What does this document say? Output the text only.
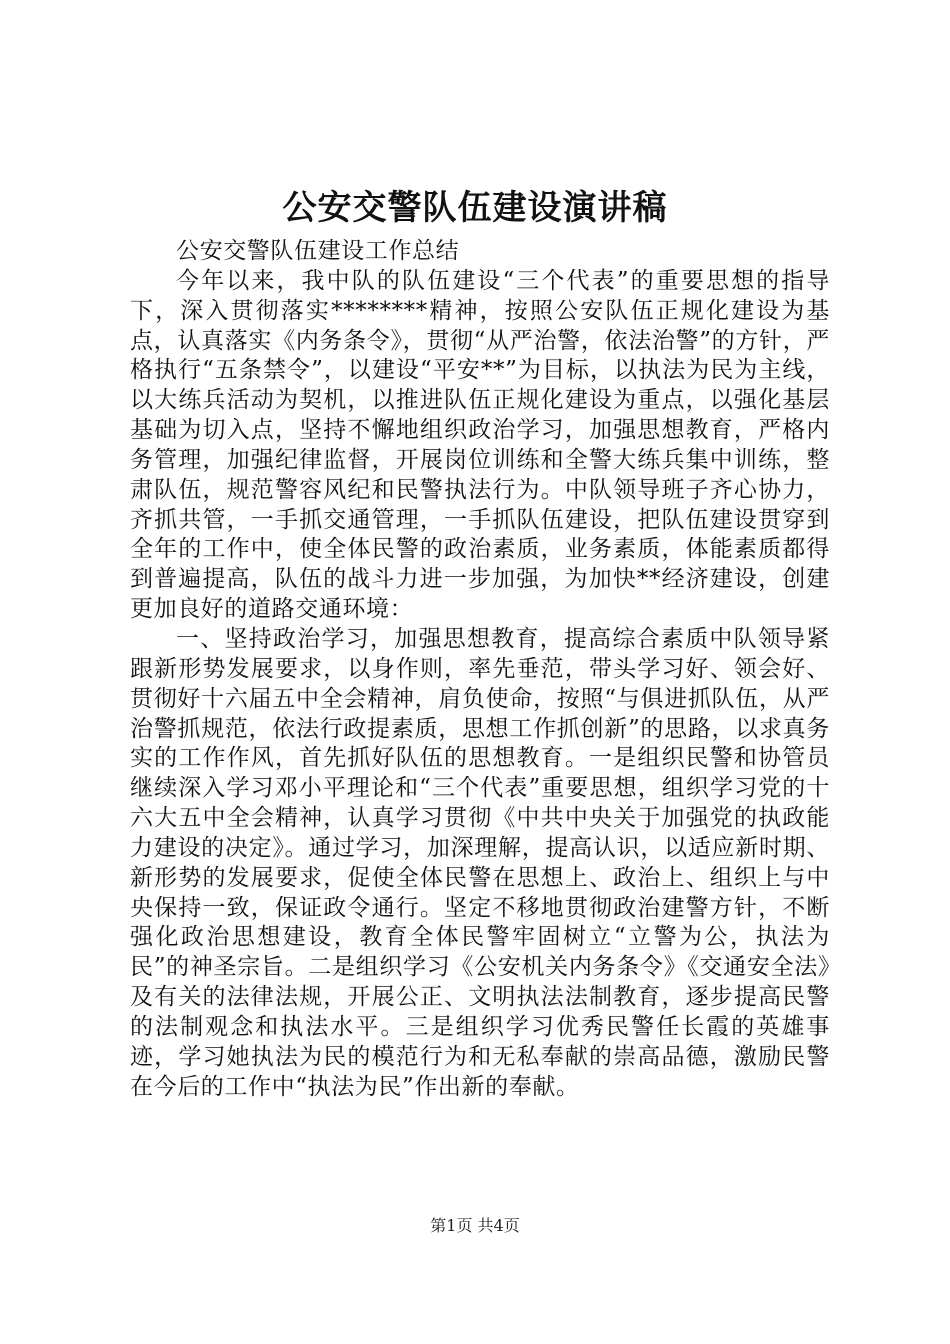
公安交警队伍建设演讲稿

公安交警队伍建设工作总结

今年以来，我中队的队伍建设“三个代表”的重要思想的指导下，深入贯彻落实********精神，按照公安队伍正规化建设为基点，认真落实《内务条令》，贯彻“从严治警，依法治警”的方针，严格执行“五条禁令”，以建设“平安**”为目标，以执法为民为主线，以大练兵活动为契机，以推进队伍正规化建设为重点，以强化基层基础为切入点，坚持不懈地组织政治学习，加强思想教育，严格内务管理，加强纪律监督，开展岗位训练和全警大练兵集中训练，整肃队伍，规范警容风纪和民警执法行为。中队领导班子齐心协力，齐抓共管，一手抓交通管理，一手抓队伍建设，把队伍建设贯穿到全年的工作中，使全体民警的政治素质，业务素质，体能素质都得到普遍提高，队伍的战斗力进一步加强，为加快**经济建设，创建更加良好的道路交通环境：

一、坚持政治学习，加强思想教育，提高综合素质中队领导紧跟新形势发展要求，以身作则，率先垂范，带头学习好、领会好、贯彻好十六届五中全会精神，肩负使命，按照“与俱进抓队伍，从严治警抓规范，依法行政提素质，思想工作抓创新”的思路，以求真务实的工作作风，首先抓好队伍的思想教育。一是组织民警和协管员继续深入学习邓小平理论和“三个代表”重要思想，组织学习党的十六大五中全会精神，认真学习贯彻《中共中央关于加强党的执政能力建设的决定》。通过学习，加深理解，提高认识，以适应新时期、新形势的发展要求，促使全体民警在思想上、政治上、组织上与中央保持一致，保证政令通行。坚定不移地贯彻政治建警方针，不断强化政治思想建设，教育全体民警牢固树立“立警为公，执法为民”的神圣宗旨。二是组织学习《公安机关内务条令》《交通安全法》及有关的法律法规，开展公正、文明执法法制教育，逐步提高民警的法制观念和执法水平。三是组织学习优秀民警任长霞的英雄事迹，学习她执法为民的模范行为和无私奉献的崇高品德，激励民警在今后的工作中“执法为民”作出新的奉献。

第1页 共4页
